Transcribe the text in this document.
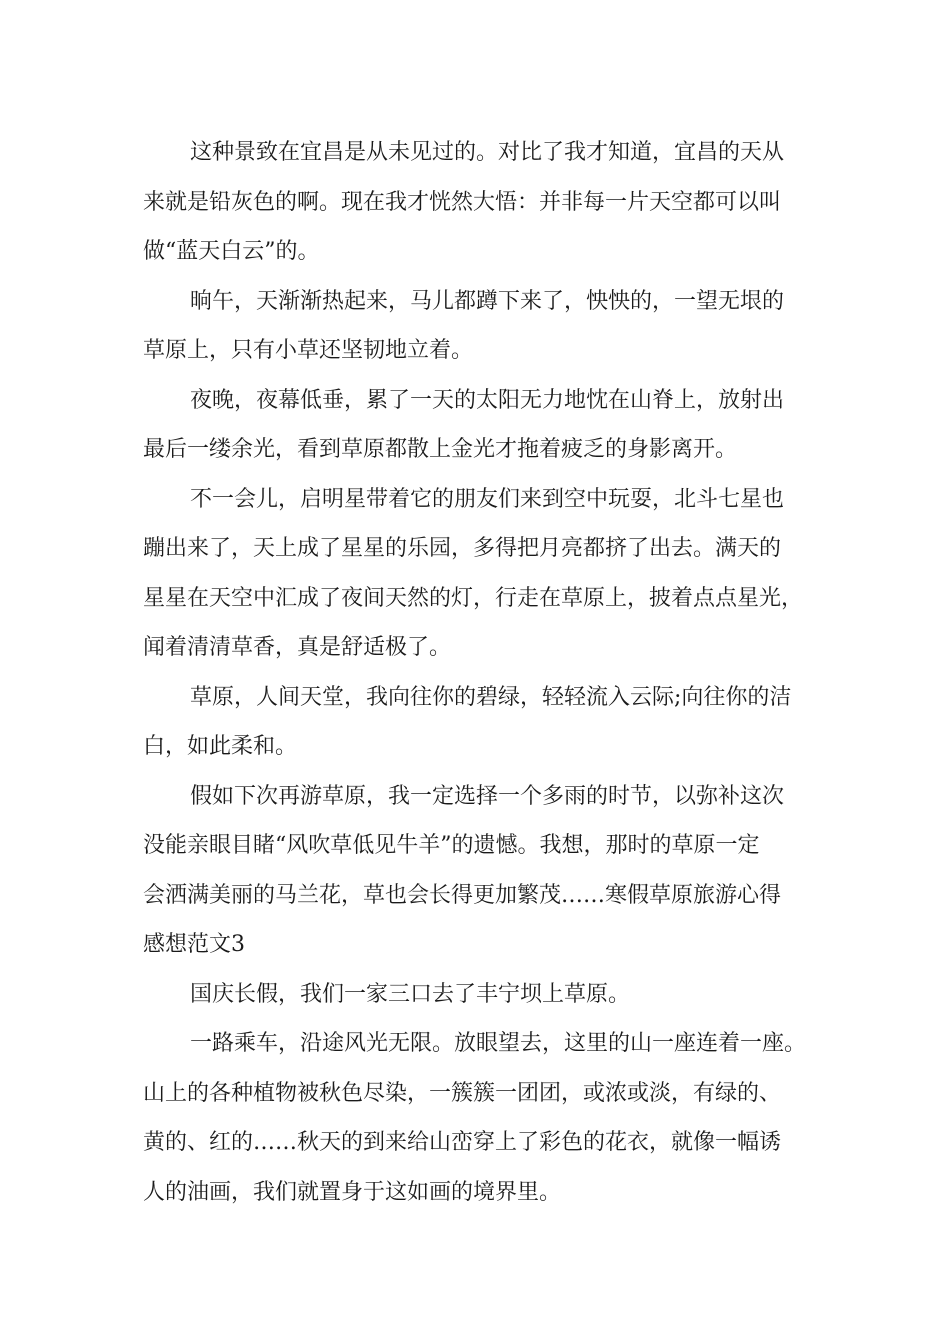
这种景致在宜昌是从未见过的。对比了我才知道，宜昌的天从
来就是铅灰色的啊。现在我才恍然大悟：并非每一片天空都可以叫
做“蓝天白云”的。

晌午，天渐渐热起来，马儿都蹲下来了，怏怏的，一望无垠的
草原上，只有小草还坚韧地立着。

夜晚，夜幕低垂，累了一天的太阳无力地忱在山脊上，放射出
最后一缕余光，看到草原都散上金光才拖着疲乏的身影离开。

不一会儿，启明星带着它的朋友们来到空中玩耍，北斗七星也
蹦出来了，天上成了星星的乐园，多得把月亮都挤了出去。满天的
星星在天空中汇成了夜间天然的灯，行走在草原上，披着点点星光，
闻着清清草香，真是舒适极了。

草原，人间天堂，我向往你的碧绿，轻轻流入云际;向往你的洁
白，如此柔和。

假如下次再游草原，我一定选择一个多雨的时节，以弥补这次
没能亲眼目睹“风吹草低见牛羊”的遗憾。我想，那时的草原一定
会洒满美丽的马兰花，草也会长得更加繁茂……寒假草原旅游心得
感想范文3

国庆长假，我们一家三口去了丰宁坝上草原。

一路乘车，沿途风光无限。放眼望去，这里的山一座连着一座。
山上的各种植物被秋色尽染，一簇簇一团团，或浓或淡，有绿的、
黄的、红的……秋天的到来给山峦穿上了彩色的花衣，就像一幅诱
人的油画，我们就置身于这如画的境界里。
